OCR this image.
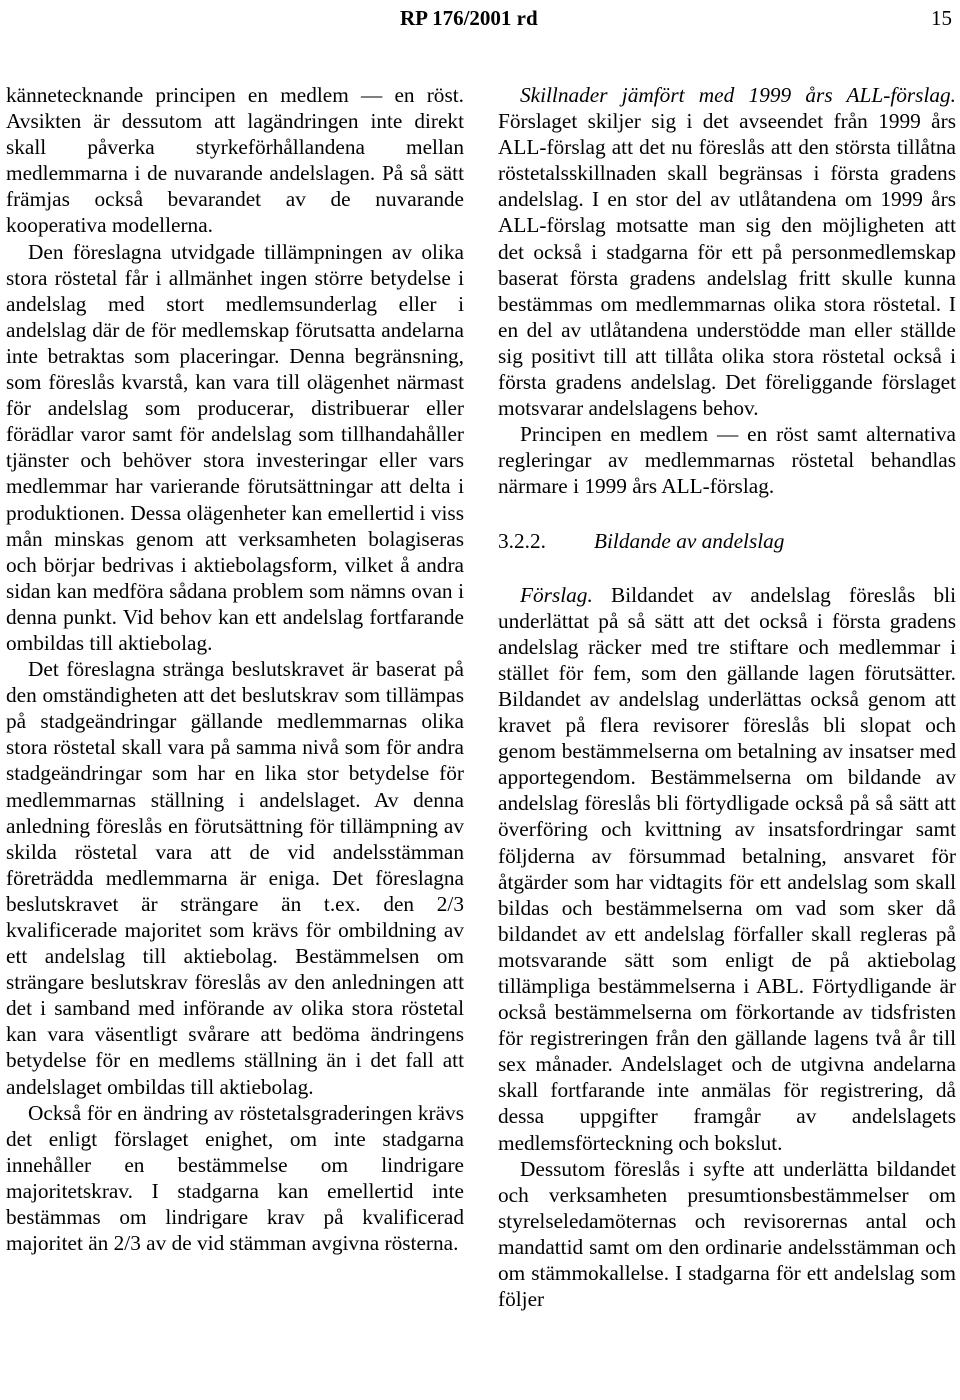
RP 176/2001 rd	15

kännetecknande principen en medlem — en röst. Avsikten är dessutom att lagändringen inte direkt skall påverka styrkeförhållandena mellan medlemmarna i de nuvarande andelslagen. På så sätt främjas också bevarandet av de nuvarande kooperativa modellerna.

Den föreslagna utvidgade tillämpningen av olika stora röstetal får i allmänhet ingen större betydelse i andelslag med stort medlemsunderlag eller i andelslag där de för medlemskap förutsatta andelarna inte betraktas som placeringar. Denna begränsning, som föreslås kvarstå, kan vara till olägenhet närmast för andelslag som producerar, distribuerar eller förädlar varor samt för andelslag som tillhandahåller tjänster och behöver stora investeringar eller vars medlemmar har varierande förutsättningar att delta i produktionen. Dessa olägenheter kan emellertid i viss mån minskas genom att verksamheten bolagiseras och börjar bedrivas i aktiebolagsform, vilket å andra sidan kan medföra sådana problem som nämns ovan i denna punkt. Vid behov kan ett andelslag fortfarande ombildas till aktiebolag.

Det föreslagna stränga beslutskravet är baserat på den omständigheten att det beslutskrav som tillämpas på stadgeändringar gällande medlemmarnas olika stora röstetal skall vara på samma nivå som för andra stadgeändringar som har en lika stor betydelse för medlemmarnas ställning i andelslaget. Av denna anledning föreslås en förutsättning för tillämpning av skilda röstetal vara att de vid andelsstämman företrädda medlemmarna är eniga. Det föreslagna beslutskravet är strängare än t.ex. den 2/3 kvalificerade majoritet som krävs för ombildning av ett andelslag till aktiebolag. Bestämmelsen om strängare beslutskrav föreslås av den anledningen att det i samband med införande av olika stora röstetal kan vara väsentligt svårare att bedöma ändringens betydelse för en medlems ställning än i det fall att andelslaget ombildas till aktiebolag.

Också för en ändring av röstetalsgraderingen krävs det enligt förslaget enighet, om inte stadgarna innehåller en bestämmelse om lindrigare majoritetskrav. I stadgarna kan emellertid inte bestämmas om lindrigare krav på kvalificerad majoritet än 2/3 av de vid stämman avgivna rösterna.

Skillnader jämfört med 1999 års ALL-förslag. Förslaget skiljer sig i det avseendet från 1999 års ALL-förslag att det nu föreslås att den största tillåtna röstetalsskillnaden skall begränsas i första gradens andelslag. I en stor del av utlåtandena om 1999 års ALL-förslag motsatte man sig den möjligheten att det också i stadgarna för ett på personmedlemskap baserat första gradens andelslag fritt skulle kunna bestämmas om medlemmarnas olika stora röstetal. I en del av utlåtandena understödde man eller ställde sig positivt till att tillåta olika stora röstetal också i första gradens andelslag. Det föreliggande förslaget motsvarar andelslagens behov.

Principen en medlem — en röst samt alternativa regleringar av medlemmarnas röstetal behandlas närmare i 1999 års ALL-förslag.

3.2.2. Bildande av andelslag

Förslag. Bildandet av andelslag föreslås bli underlättat på så sätt att det också i första gradens andelslag räcker med tre stiftare och medlemmar i stället för fem, som den gällande lagen förutsätter. Bildandet av andelslag underlättas också genom att kravet på flera revisorer föreslås bli slopat och genom bestämmelserna om betalning av insatser med apportegendom. Bestämmelserna om bildande av andelslag föreslås bli förtydligade också på så sätt att överföring och kvittning av insatsfordringar samt följderna av försummad betalning, ansvaret för åtgärder som har vidtagits för ett andelslag som skall bildas och bestämmelserna om vad som sker då bildandet av ett andelslag förfaller skall regleras på motsvarande sätt som enligt de på aktiebolag tillämpliga bestämmelserna i ABL. Förtydligande är också bestämmelserna om förkortande av tidsfristen för registreringen från den gällande lagens två år till sex månader. Andelslaget och de utgivna andelarna skall fortfarande inte anmälas för registrering, då dessa uppgifter framgår av andelslagets medlemsförteckning och bokslut.

Dessutom föreslås i syfte att underlätta bildandet och verksamheten presumtionsbestämmelser om styrelseledamöternas och revisorernas antal och mandattid samt om den ordinarie andelsstämman och om stämmokallelse. I stadgarna för ett andelslag som följer
